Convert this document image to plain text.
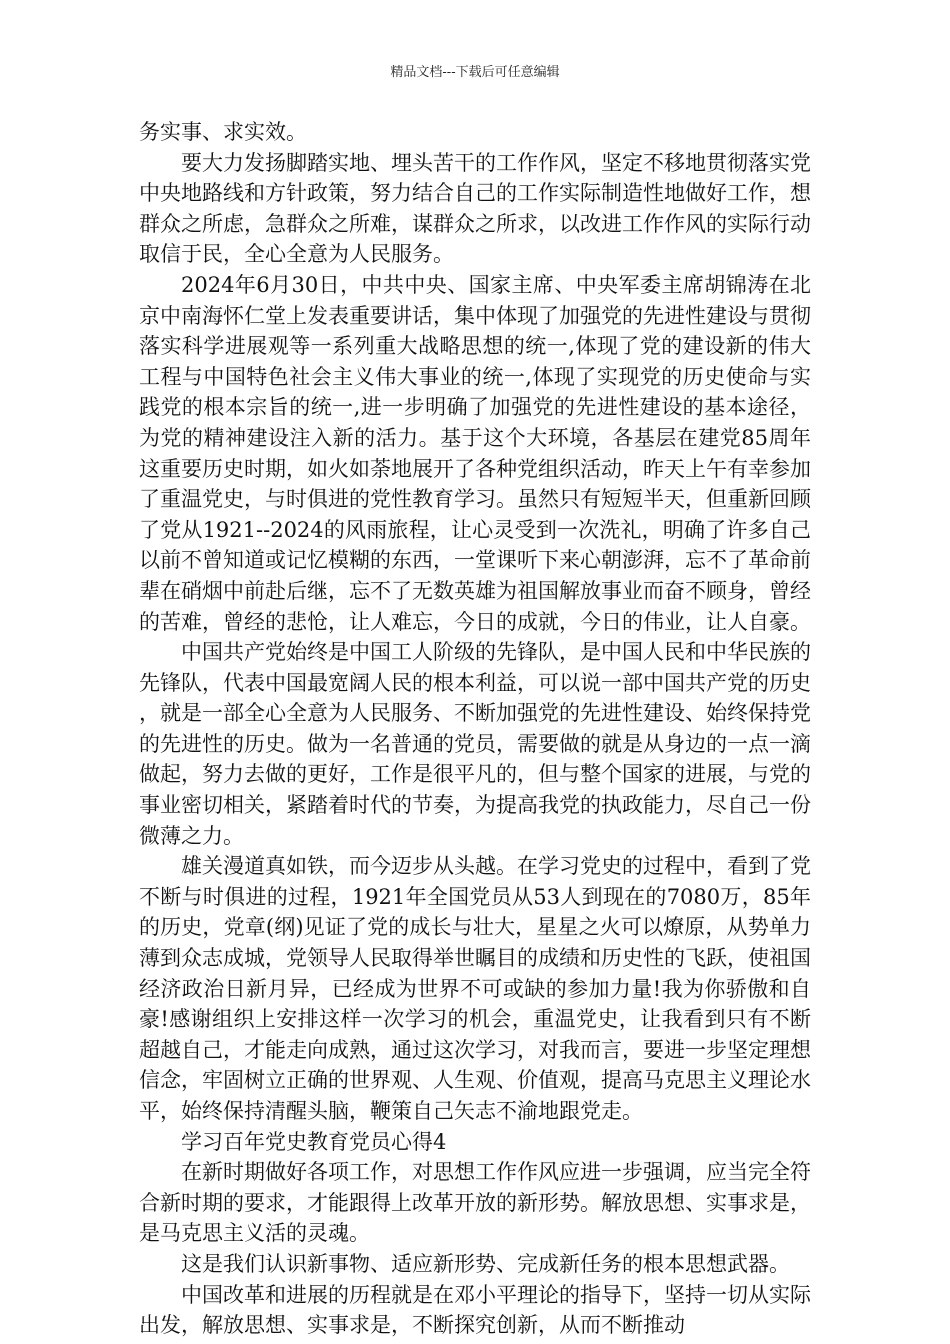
精品文档---下载后可任意编辑

务实事、求实效。

要大力发扬脚踏实地、埋头苦干的工作作风，坚定不移地贯彻落实党中央地路线和方针政策，努力结合自己的工作实际制造性地做好工作，想群众之所虑，急群众之所难，谋群众之所求，以改进工作作风的实际行动取信于民，全心全意为人民服务。

2024年6月30日，中共中央、国家主席、中央军委主席胡锦涛在北京中南海怀仁堂上发表重要讲话，集中体现了加强党的先进性建设与贯彻落实科学进展观等一系列重大战略思想的统一,体现了党的建设新的伟大工程与中国特色社会主义伟大事业的统一,体现了实现党的历史使命与实践党的根本宗旨的统一,进一步明确了加强党的先进性建设的基本途径，为党的精神建设注入新的活力。基于这个大环境，各基层在建党85周年这重要历史时期，如火如荼地展开了各种党组织活动，昨天上午有幸参加了重温党史，与时俱进的党性教育学习。虽然只有短短半天，但重新回顾了党从1921--2024的风雨旅程，让心灵受到一次洗礼，明确了许多自己以前不曾知道或记忆模糊的东西，一堂课听下来心朝澎湃，忘不了革命前辈在硝烟中前赴后继，忘不了无数英雄为祖国解放事业而奋不顾身，曾经的苦难，曾经的悲怆，让人难忘，今日的成就，今日的伟业，让人自豪。

中国共产党始终是中国工人阶级的先锋队，是中国人民和中华民族的先锋队，代表中国最宽阔人民的根本利益，可以说一部中国共产党的历史，就是一部全心全意为人民服务、不断加强党的先进性建设、始终保持党的先进性的历史。做为一名普通的党员，需要做的就是从身边的一点一滴做起，努力去做的更好，工作是很平凡的，但与整个国家的进展，与党的事业密切相关，紧踏着时代的节奏，为提高我党的执政能力，尽自己一份微薄之力。

雄关漫道真如铁，而今迈步从头越。在学习党史的过程中，看到了党不断与时俱进的过程，1921年全国党员从53人到现在的7080万，85年的历史，党章(纲)见证了党的成长与壮大，星星之火可以燎原，从势单力薄到众志成城，党领导人民取得举世瞩目的成绩和历史性的飞跃，使祖国经济政治日新月异，已经成为世界不可或缺的参加力量!我为你骄傲和自豪!感谢组织上安排这样一次学习的机会，重温党史，让我看到只有不断超越自己，才能走向成熟，通过这次学习，对我而言，要进一步坚定理想信念，牢固树立正确的世界观、人生观、价值观，提高马克思主义理论水平，始终保持清醒头脑，鞭策自己矢志不渝地跟党走。

学习百年党史教育党员心得4

在新时期做好各项工作，对思想工作作风应进一步强调，应当完全符合新时期的要求，才能跟得上改革开放的新形势。解放思想、实事求是，是马克思主义活的灵魂。

这是我们认识新事物、适应新形势、完成新任务的根本思想武器。

中国改革和进展的历程就是在邓小平理论的指导下，坚持一切从实际出发，解放思想、实事求是，不断探究创新，从而不断推动
